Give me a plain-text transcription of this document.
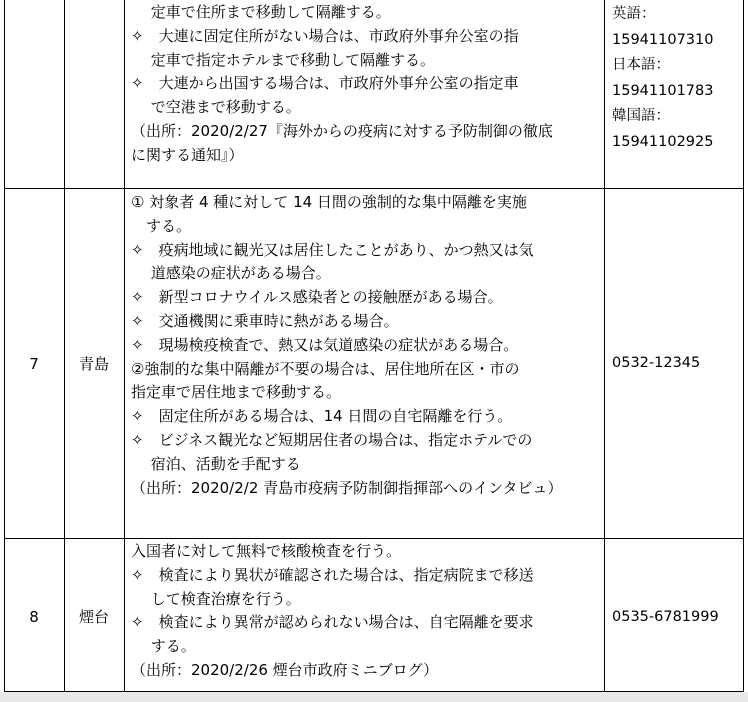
　 定車で住所まで移動して隔離する。
✧　大連に固定住所がない場合は、市政府外事弁公室の指
　 定車で指定ホテルまで移動して隔離する。
✧　大連から出国する場合は、市政府外事弁公室の指定車
　 で空港まで移動する。
（出所：2020/2/27『海外からの疫病に対する予防制御の徹底
に関する通知』）
英語：
15941107310
日本語：
15941101783
韓国語：
15941102925
7	青島
① 対象者 4 種に対して 14 日間の強制的な集中隔離を実施
　する。
✧　疫病地域に観光又は居住したことがあり、かつ熱又は気
　 道感染の症状がある場合。
✧　新型コロナウイルス感染者との接触歴がある場合。
✧　交通機関に乗車時に熱がある場合。
✧　現場検疫検査で、熱又は気道感染の症状がある場合。
②強制的な集中隔離が不要の場合は、居住地所在区・市の
指定車で居住地まで移動する。
✧　固定住所がある場合は、14 日間の自宅隔離を行う。
✧　ビジネス観光など短期居住者の場合は、指定ホテルでの
　 宿泊、活動を手配する
（出所：2020/2/2 青島市疫病予防制御指揮部へのインタビュ）
0532-12345
8	煙台
入国者に対して無料で核酸検査を行う。
✧　検査により異状が確認された場合は、指定病院まで移送
　 して検査治療を行う。
✧　検査により異常が認められない場合は、自宅隔離を要求
　 する。
（出所：2020/2/26 煙台市政府ミニブログ）
0535-6781999
